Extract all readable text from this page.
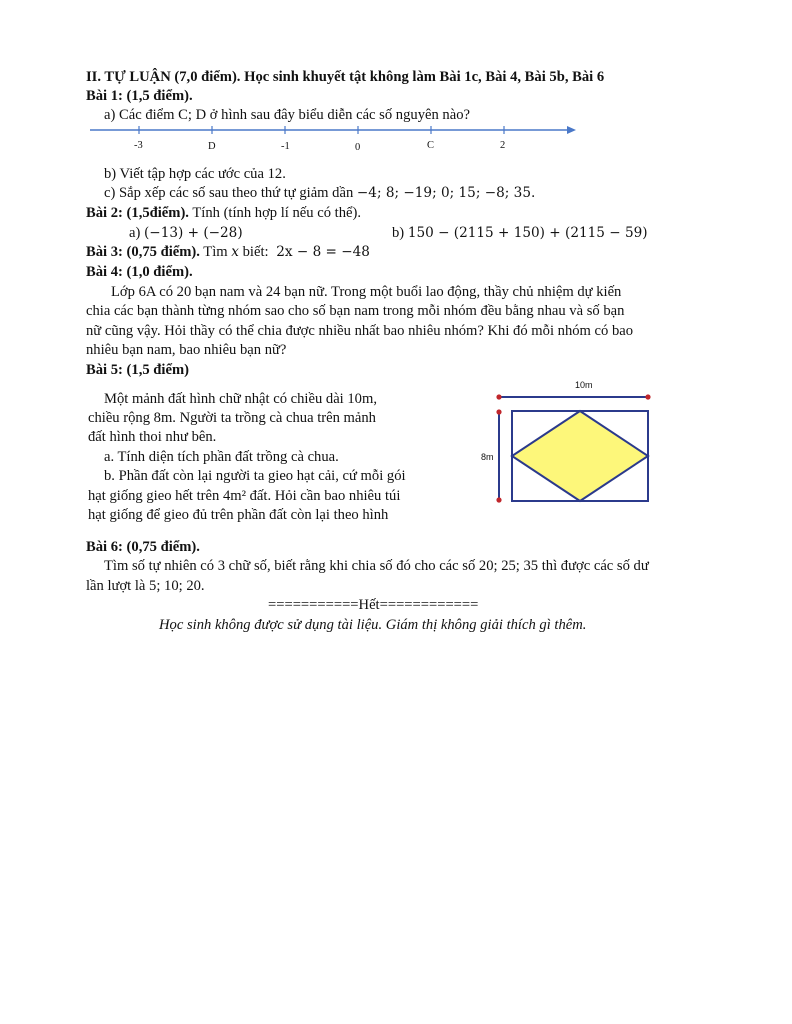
II. TỰ LUẬN (7,0 điểm). Học sinh khuyết tật không làm Bài 1c, Bài 4, Bài 5b, Bài 6
Bài 1: (1,5 điểm).
a) Các điểm C; D ở hình sau đây biểu diễn các số nguyên nào?
-3	D	-1	0	C	2
b) Viết tập hợp các ước của 12.
c) Sắp xếp các số sau theo thứ tự giảm dần −4; 8; −19; 0; 15; −8; 35.
Bài 2: (1,5điểm). Tính (tính hợp lí nếu có thể).
a) (−13) + (−28)	b) 150 − (2115 + 150) + (2115 − 59)
Bài 3: (0,75 điểm). Tìm x biết: 2x − 8 = −48
Bài 4: (1,0 điểm).
Lớp 6A có 20 bạn nam và 24 bạn nữ. Trong một buổi lao động, thầy chủ nhiệm dự kiến
chia các bạn thành từng nhóm sao cho số bạn nam trong mỗi nhóm đều bằng nhau và số bạn
nữ cũng vậy. Hỏi thầy có thể chia được nhiều nhất bao nhiêu nhóm? Khi đó mỗi nhóm có bao
nhiêu bạn nam, bao nhiêu bạn nữ?
Bài 5: (1,5 điểm)
Một mảnh đất hình chữ nhật có chiều dài 10m,
chiều rộng 8m. Người ta trồng cà chua trên mảnh
đất hình thoi như bên.
a. Tính diện tích phần đất trồng cà chua.
b. Phần đất còn lại người ta gieo hạt cải, cứ mỗi gói
hạt giống gieo hết trên 4m² đất. Hỏi cần bao nhiêu túi
hạt giống để gieo đủ trên phần đất còn lại theo hình
10m
8m
Bài 6: (0,75 điểm).
Tìm số tự nhiên có 3 chữ số, biết rằng khi chia số đó cho các số 20; 25; 35 thì được các số dư
lần lượt là 5; 10; 20.
===========Hết============
Học sinh không được sử dụng tài liệu. Giám thị không giải thích gì thêm.
